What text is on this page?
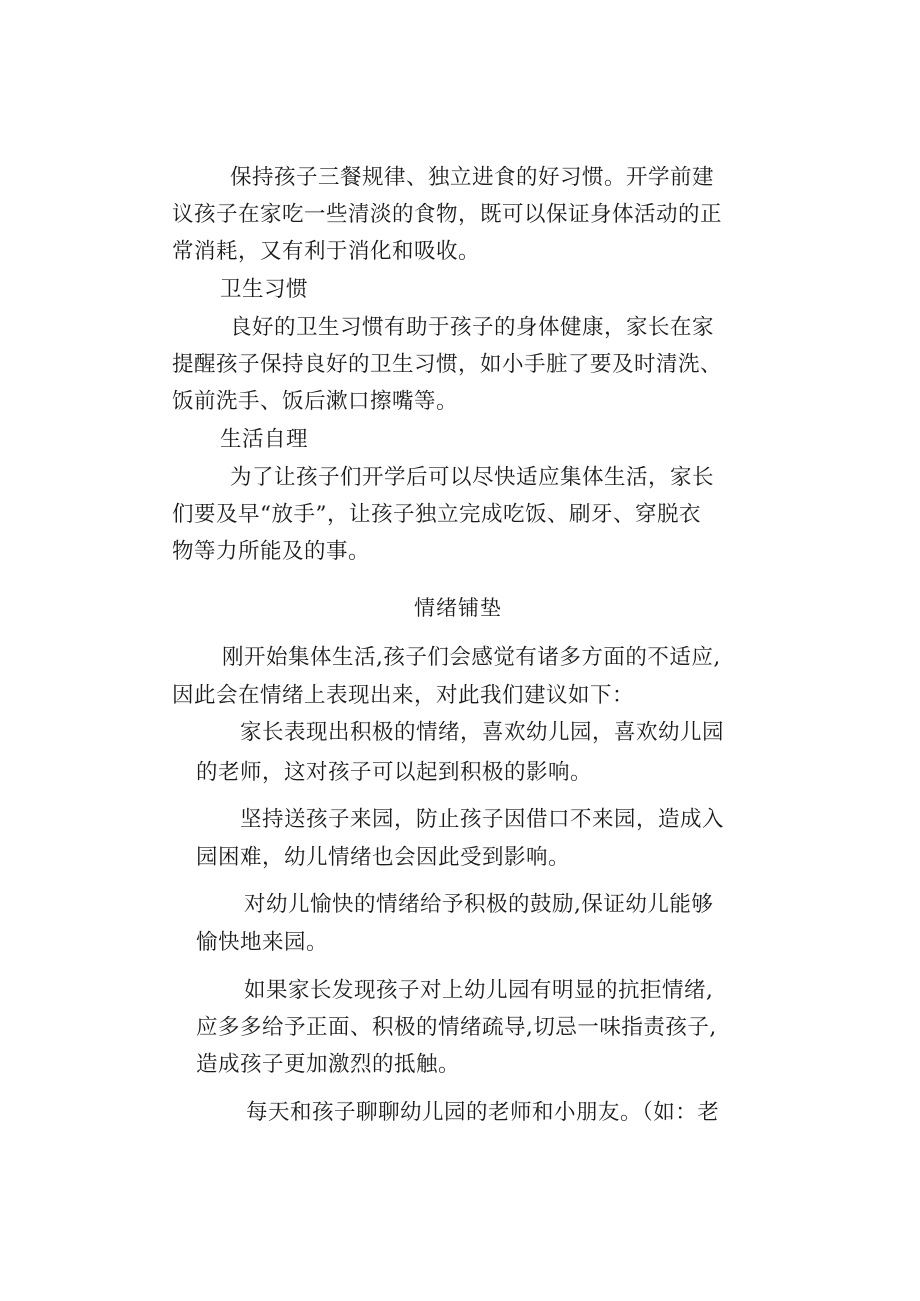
保持孩子三餐规律、独立进食的好习惯。开学前建
议孩子在家吃一些清淡的食物，既可以保证身体活动的正
常消耗，又有利于消化和吸收。
卫生习惯
良好的卫生习惯有助于孩子的身体健康，家长在家
提醒孩子保持良好的卫生习惯，如小手脏了要及时清洗、
饭前洗手、饭后漱口擦嘴等。
生活自理
为了让孩子们开学后可以尽快适应集体生活，家长
们要及早“放手”，让孩子独立完成吃饭、刷牙、穿脱衣
物等力所能及的事。
情绪铺垫
刚开始集体生活,孩子们会感觉有诸多方面的不适应,
因此会在情绪上表现出来，对此我们建议如下：
家长表现出积极的情绪，喜欢幼儿园，喜欢幼儿园
的老师，这对孩子可以起到积极的影响。
坚持送孩子来园，防止孩子因借口不来园，造成入
园困难，幼儿情绪也会因此受到影响。
对幼儿愉快的情绪给予积极的鼓励,保证幼儿能够
愉快地来园。
如果家长发现孩子对上幼儿园有明显的抗拒情绪,
应多多给予正面、积极的情绪疏导,切忌一味指责孩子,
造成孩子更加激烈的抵触。
每天和孩子聊聊幼儿园的老师和小朋友。（如：老
